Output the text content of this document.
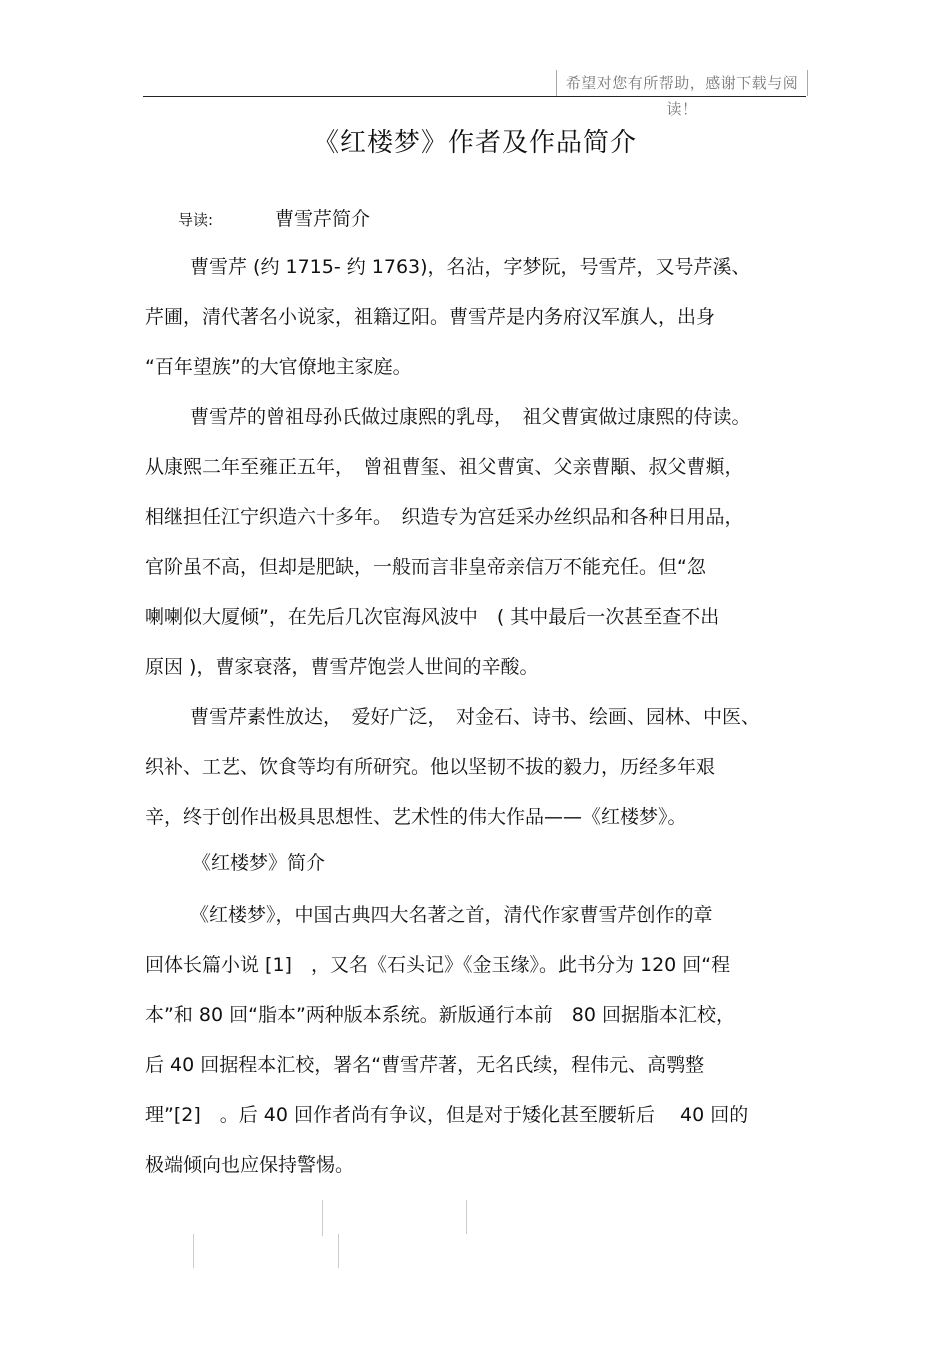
希望对您有所帮助，感谢下载与阅读！
《红楼梦》作者及作品简介
导读:	曹雪芹简介
曹雪芹 (约 1715- 约 1763)，名沾，字梦阮，号雪芹，又号芹溪、
芹圃，清代著名小说家，祖籍辽阳。曹雪芹是内务府汉军旗人，出身
“百年望族”的大官僚地主家庭。
曹雪芹的曾祖母孙氏做过康熙的乳母，　祖父曹寅做过康熙的侍读。
从康熙二年至雍正五年，　曾祖曹玺、祖父曹寅、父亲曹顒、叔父曹頫，
相继担任江宁织造六十多年。　织造专为宫廷采办丝织品和各种日用品，
官阶虽不高，但却是肥缺，一般而言非皇帝亲信万不能充任。但“忽
喇喇似大厦倾”，在先后几次宦海风波中　( 其中最后一次甚至查不出
原因 )，曹家衰落，曹雪芹饱尝人世间的辛酸。
曹雪芹素性放达，　爱好广泛，　对金石、诗书、绘画、园林、中医、
织补、工艺、饮食等均有所研究。他以坚韧不拔的毅力，历经多年艰
辛，终于创作出极具思想性、艺术性的伟大作品——《红楼梦》。
《红楼梦》简介
《红楼梦》，中国古典四大名著之首，清代作家曹雪芹创作的章
回体长篇小说 [1]　，又名《石头记》《金玉缘》。此书分为 120 回“程
本”和 80 回“脂本”两种版本系统。新版通行本前　80 回据脂本汇校，
后 40 回据程本汇校，署名“曹雪芹著，无名氏续，程伟元、高鹗整
理”[2]　。后 40 回作者尚有争议，但是对于矮化甚至腰斩后　 40 回的
极端倾向也应保持警惕。
